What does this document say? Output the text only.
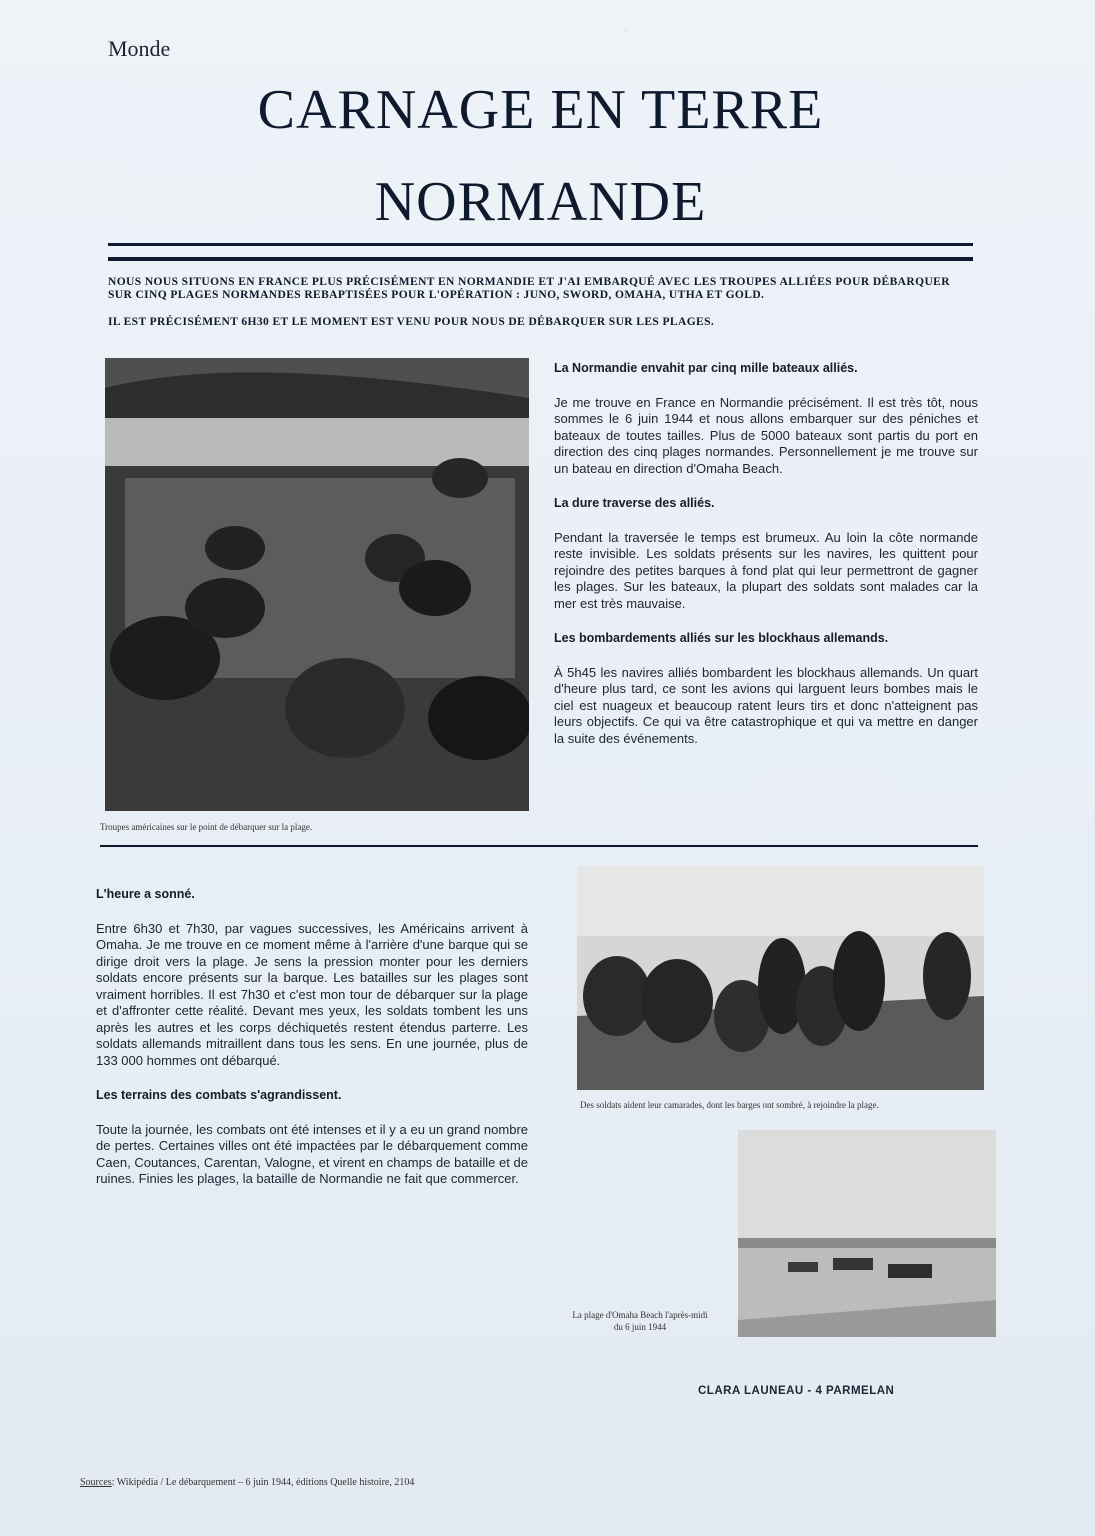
·
Monde
CARNAGE EN TERRE
NORMANDE
NOUS NOUS SITUONS EN FRANCE PLUS PRÉCISÉMENT EN NORMANDIE ET J'AI EMBARQUÉ AVEC LES TROUPES ALLIÉES POUR DÉBARQUER SUR CINQ PLAGES NORMANDES REBAPTISÉES POUR L'OPÉRATION : JUNO, SWORD, OMAHA, UTHA ET GOLD.
IL EST PRÉCISÉMENT 6H30 ET LE MOMENT EST VENU POUR NOUS DE DÉBARQUER SUR LES PLAGES.
Troupes américaines sur le point de débarquer sur la plage.
La Normandie envahit par cinq mille bateaux alliés.

Je me trouve en France en Normandie précisément. Il est très tôt, nous sommes le 6 juin 1944 et nous allons embarquer sur des péniches et bateaux de toutes tailles. Plus de 5000 bateaux sont partis du port en direction des cinq plages normandes. Personnellement je me trouve sur un bateau en direction d'Omaha Beach.

La dure traverse des alliés.

Pendant la traversée le temps est brumeux. Au loin la côte normande reste invisible. Les soldats présents sur les navires, les quittent pour rejoindre des petites barques à fond plat qui leur permettront de gagner les plages. Sur les bateaux, la plupart des soldats sont malades car la mer est très mauvaise.

Les bombardements alliés sur les blockhaus allemands.

À 5h45 les navires alliés bombardent les blockhaus allemands. Un quart d'heure plus tard, ce sont les avions qui larguent leurs bombes mais le ciel est nuageux et beaucoup ratent leurs tirs et donc n'atteignent pas leurs objectifs. Ce qui va être catastrophique et qui va mettre en danger la suite des événements.

L'heure a sonné.

Entre 6h30 et 7h30, par vagues successives, les Américains arrivent à Omaha. Je me trouve en ce moment même à l'arrière d'une barque qui se dirige droit vers la plage. Je sens la pression monter pour les derniers soldats encore présents sur la barque. Les batailles sur les plages sont vraiment horribles. Il est 7h30 et c'est mon tour de débarquer sur la plage et d'affronter cette réalité. Devant mes yeux, les soldats tombent les uns après les autres et les corps déchiquetés restent étendus parterre. Les soldats allemands mitraillent dans tous les sens. En une journée, plus de 133 000 hommes ont débarqué.

Les terrains des combats s'agrandissent.

Toute la journée, les combats ont été intenses et il y a eu un grand nombre de pertes. Certaines villes ont été impactées par le débarquement comme Caen, Coutances, Carentan, Valogne, et virent en champs de bataille et de ruines. Finies les plages, la bataille de Normandie ne fait que commercer.

Des soldats aident leur camarades, dont les barges ont sombré, à rejoindre la plage.
La plage d'Omaha Beach l'après-midi
du 6 juin 1944
CLARA LAUNEAU - 4 PARMELAN
Sources: Wikipédia / Le débarquement – 6 juin 1944, éditions Quelle histoire, 2104
